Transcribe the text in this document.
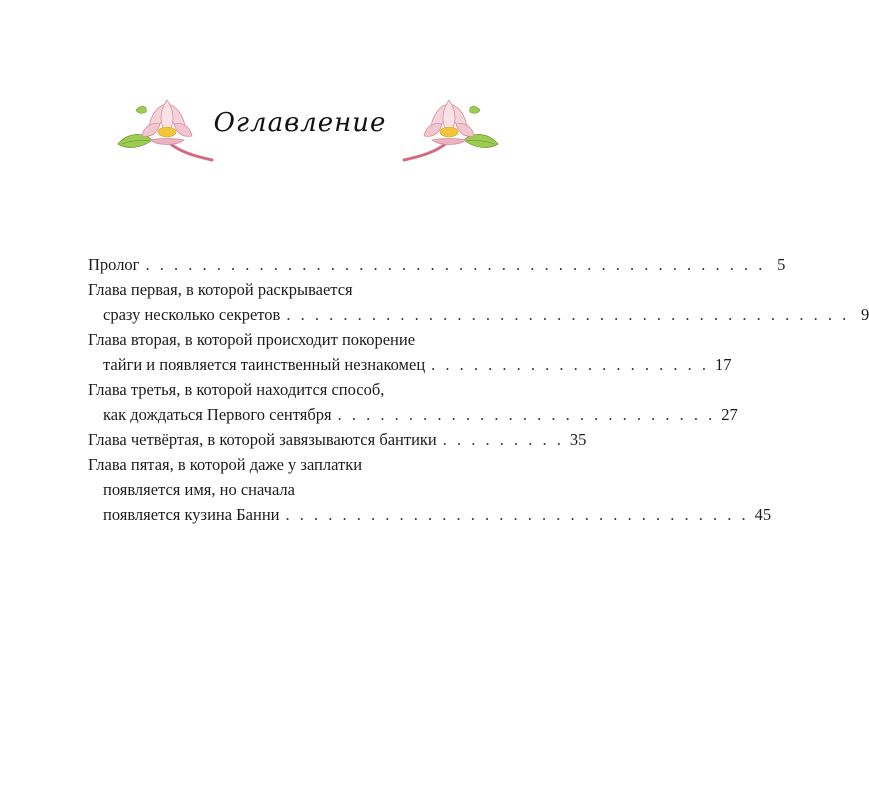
Оглавление
Пролог . . . . . . . . . . . . . . . . . . . . . . . . . . . . . . . . . . . . . . . . . . . . 5
Глава первая, в которой раскрывается
сразу несколько секретов . . . . . . . . . . . . . . . . . . . . . . . . . . . . . . . . . . . . . . . . 9
Глава вторая, в которой происходит покорение
тайги и появляется таинственный незнакомец . . . . . . . . . . . . . . . . . . . . 17
Глава третья, в которой находится способ,
как дождаться Первого сентября . . . . . . . . . . . . . . . . . . . . . . . . . . . 27
Глава четвёртая, в которой завязываются бантики . . . . . . . . . 35
Глава пятая, в которой даже у заплатки
появляется имя, но сначала
появляется кузина Банни . . . . . . . . . . . . . . . . . . . . . . . . . . . . . . . . . 45
